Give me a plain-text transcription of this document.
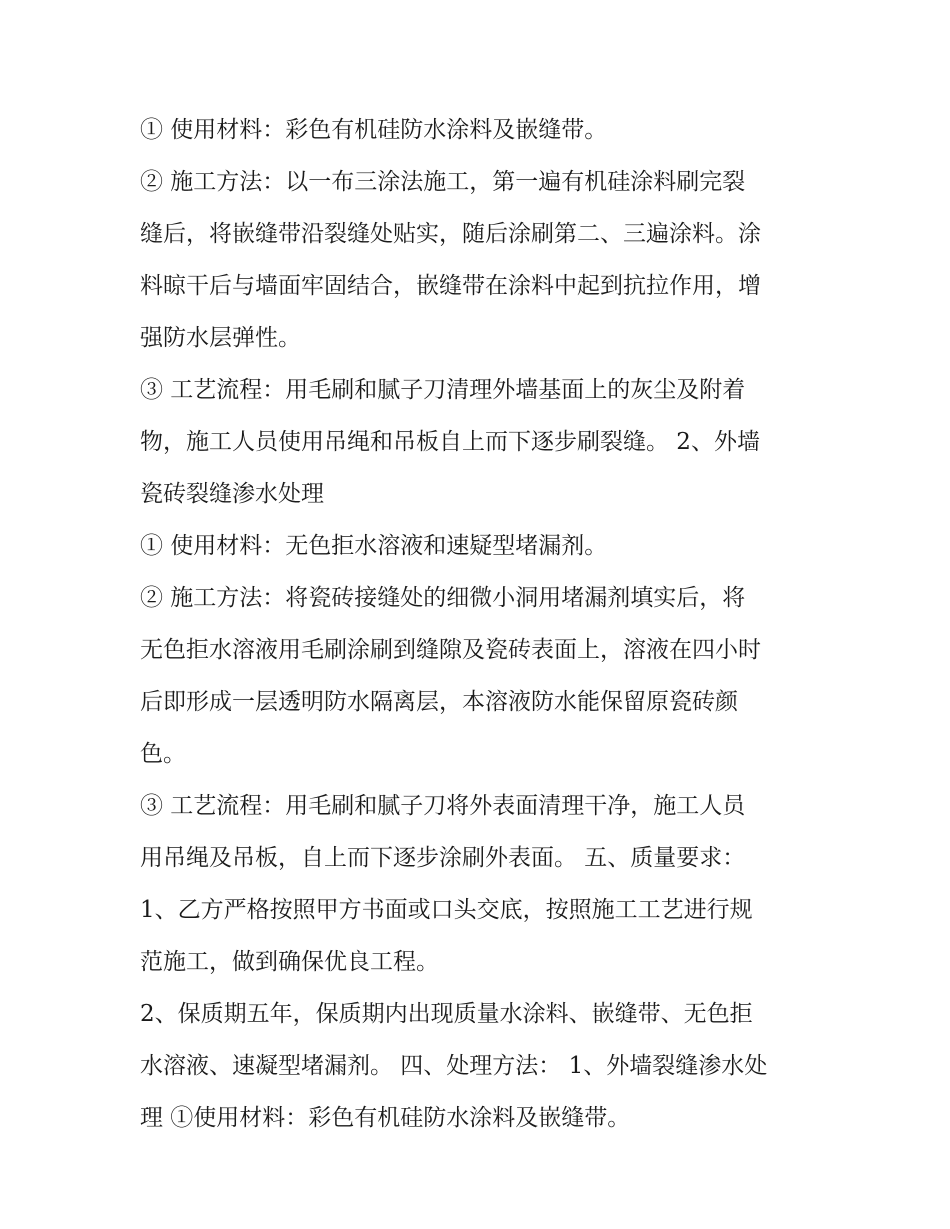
① 使用材料：彩色有机硅防水涂料及嵌缝带。
② 施工方法：以一布三涂法施工，第一遍有机硅涂料刷完裂
缝后，将嵌缝带沿裂缝处贴实，随后涂刷第二、三遍涂料。涂
料晾干后与墙面牢固结合，嵌缝带在涂料中起到抗拉作用，增
强防水层弹性。
③ 工艺流程：用毛刷和腻子刀清理外墙基面上的灰尘及附着
物，施工人员使用吊绳和吊板自上而下逐步刷裂缝。 2、外墙
瓷砖裂缝渗水处理
① 使用材料：无色拒水溶液和速疑型堵漏剂。
② 施工方法：将瓷砖接缝处的细微小洞用堵漏剂填实后，将
无色拒水溶液用毛刷涂刷到缝隙及瓷砖表面上，溶液在四小时
后即形成一层透明防水隔离层，本溶液防水能保留原瓷砖颜
色。
③ 工艺流程：用毛刷和腻子刀将外表面清理干净，施工人员
用吊绳及吊板，自上而下逐步涂刷外表面。 五、质量要求：
1、乙方严格按照甲方书面或口头交底，按照施工工艺进行规
范施工，做到确保优良工程。
2、保质期五年，保质期内出现质量水涂料、嵌缝带、无色拒
水溶液、速凝型堵漏剂。 四、处理方法： 1、外墙裂缝渗水处
理 ①使用材料：彩色有机硅防水涂料及嵌缝带。
